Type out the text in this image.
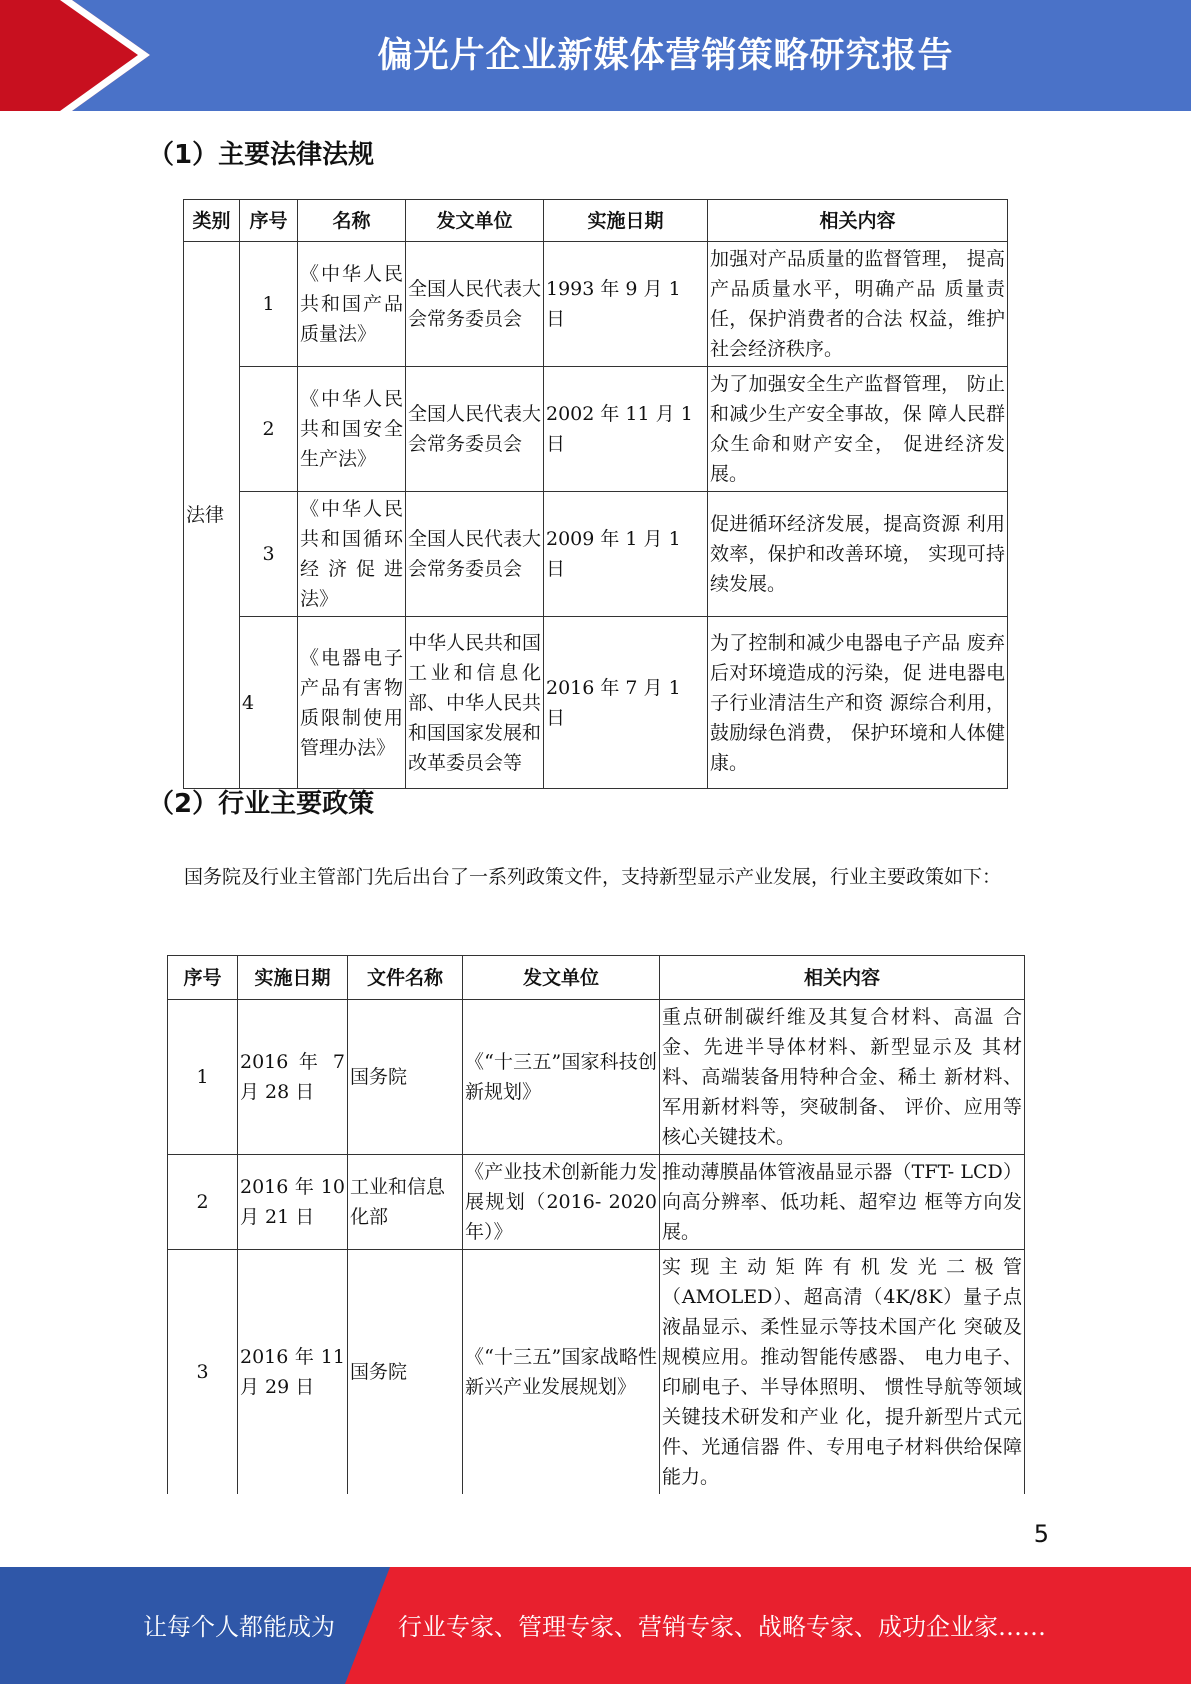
偏光片企业新媒体营销策略研究报告
（1）主要法律法规
类别	序号	名称	发文单位	实施日期	相关内容
法律	1	《中华人民共和国产品质量法》	全国人民代表大会常务委员会	1993 年 9 月 1 日	加强对产品质量的监督管理， 提高产品质量水平，明确产品 质量责任，保护消费者的合法 权益，维护社会经济秩序。
	2	《中华人民共和国安全生产法》	全国人民代表大会常务委员会	2002 年 11 月 1 日	为了加强安全生产监督管理， 防止和减少生产安全事故，保 障人民群众生命和财产安全， 促进经济发展。
	3	《中华人民共和国循环经济促进法》	全国人民代表大会常务委员会	2009 年 1 月 1 日	促进循环经济发展，提高资源 利用效率，保护和改善环境， 实现可持续发展。
	4	《电器电子产品有害物质限制使用管理办法》	中华人民共和国工业和信息化部、中华人民共和国国家发展和改革委员会等	2016 年 7 月 1 日	为了控制和减少电器电子产品 废弃后对环境造成的污染，促 进电器电子行业清洁生产和资 源综合利用，鼓励绿色消费， 保护环境和人体健康。
（2）行业主要政策

国务院及行业主管部门先后出台了一系列政策文件，支持新型显示产业发展，行业主要政策如下：

序号	实施日期	文件名称	发文单位	相关内容
1	2016 年 7 月 28 日	国务院	《“十三五”国家科技创新规划》	重点研制碳纤维及其复合材料、高温 合金、先进半导体材料、新型显示及 其材料、高端装备用特种合金、稀土 新材料、军用新材料等，突破制备、 评价、应用等核心关键技术。
2	2016 年 10 月 21 日	工业和信息化部	《产业技术创新能力发展规划（2016- 2020 年）》	推动薄膜晶体管液晶显示器（TFT- LCD）向高分辨率、低功耗、超窄边 框等方向发展。
3	2016 年 11 月 29 日	国务院	《“十三五”国家战略性新兴产业发展规划》	实现主动矩阵有机发光二极管（AMOLED）、超高清（4K/8K）量子点液晶显示、柔性显示等技术国产化 突破及规模应用。推动智能传感器、 电力电子、印刷电子、半导体照明、 惯性导航等领域关键技术研发和产业 化，提升新型片式元件、光通信器 件、专用电子材料供给保障能力。
5
让每个人都能成为	行业专家、管理专家、营销专家、战略专家、成功企业家……
